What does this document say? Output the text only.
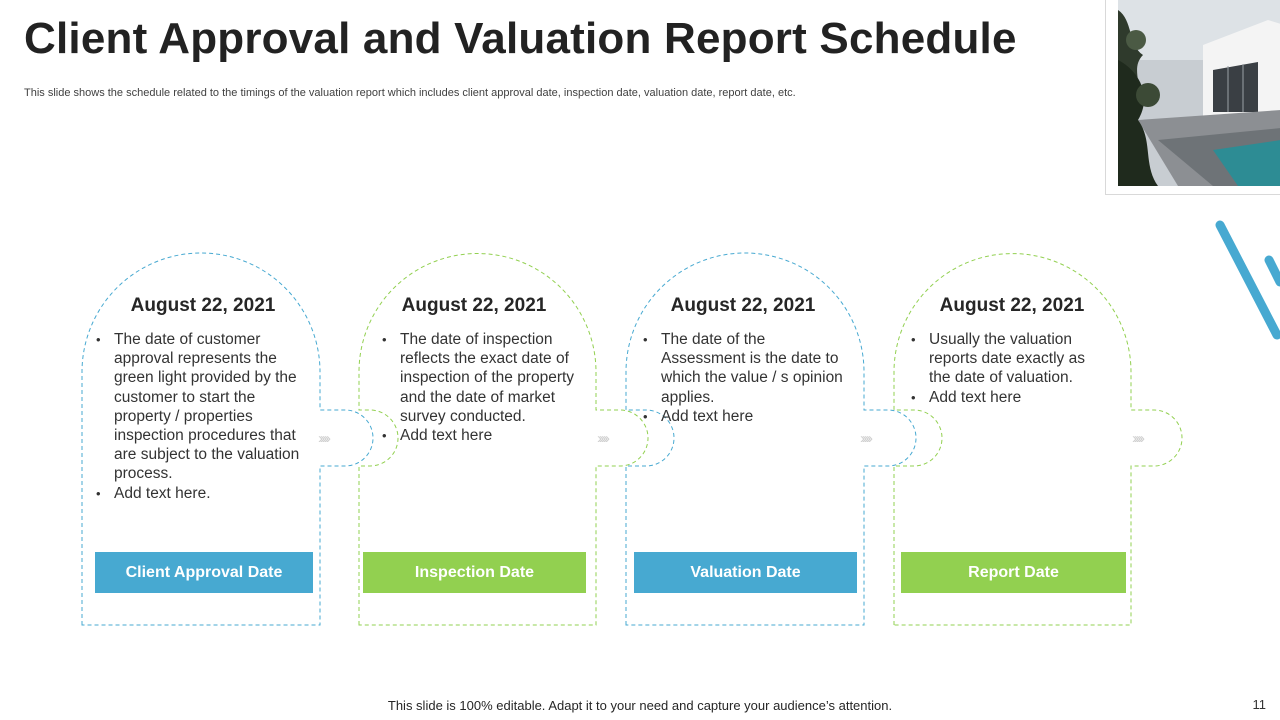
Client Approval and Valuation Report Schedule
This slide shows the schedule related to the timings of the valuation report which includes client approval date, inspection date, valuation date, report date, etc.
August 22, 2021
• The date of customer approval represents the green light provided by the customer to start the property / properties inspection procedures that are subject to the valuation process.
• Add text here.
Client Approval Date
›››››
August 22, 2021
• The date of inspection reflects the exact date of inspection of the property and the date of market survey conducted.
• Add text here
Inspection Date
›››››
August 22, 2021
• The date of the Assessment is the date to which the value / s opinion applies.
• Add text here
Valuation Date
›››››
August 22, 2021
• Usually the valuation reports date exactly as the date of valuation.
• Add text here
Report Date
›››››
This slide is 100% editable. Adapt it to your need and capture your audience’s attention.	11
